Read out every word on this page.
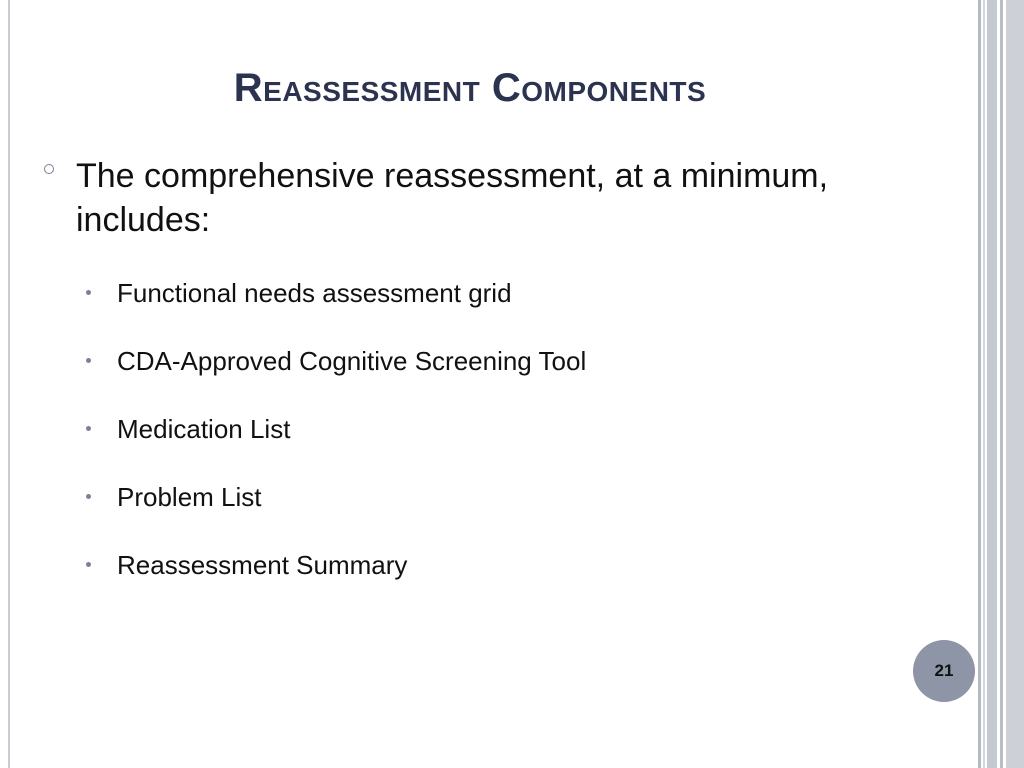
Reassessment Components
The comprehensive reassessment, at a minimum, includes:
Functional needs assessment grid
CDA-Approved Cognitive Screening Tool
Medication List
Problem List
Reassessment Summary
21
